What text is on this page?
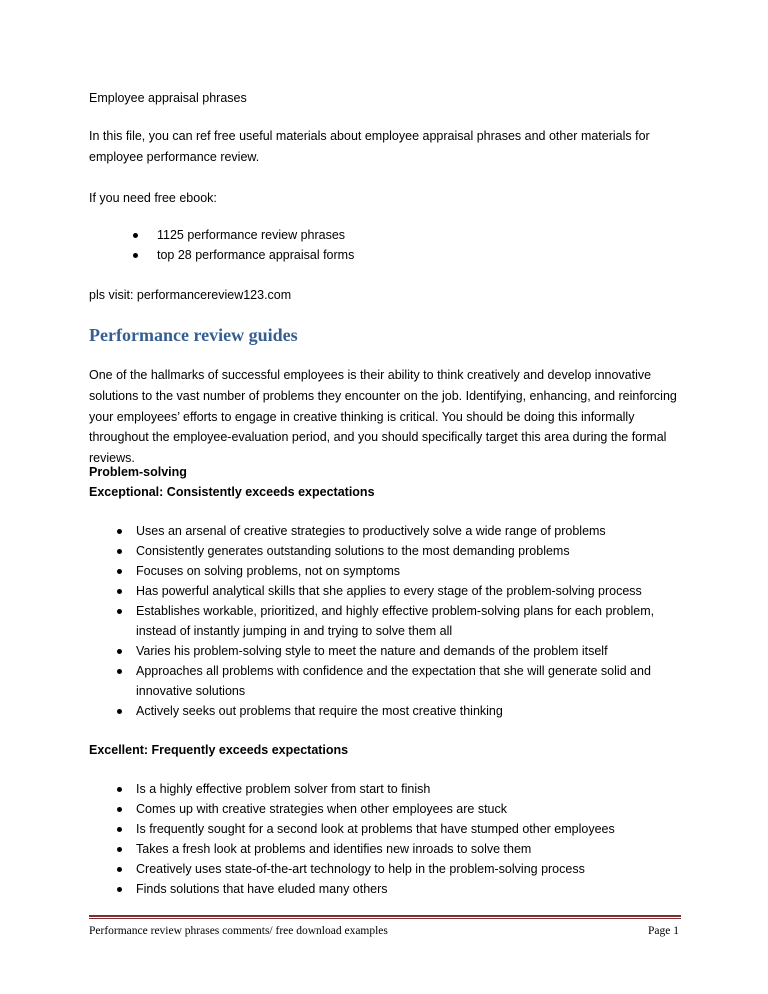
Employee appraisal phrases
In this file, you can ref free useful materials about employee appraisal phrases and other materials for employee performance review.
If you need free ebook:
1125 performance review phrases
top 28 performance appraisal forms
pls visit: performancereview123.com
Performance review guides
One of the hallmarks of successful employees is their ability to think creatively and develop innovative solutions to the vast number of problems they encounter on the job. Identifying, enhancing, and reinforcing your employees’ efforts to engage in creative thinking is critical. You should be doing this informally throughout the employee-evaluation period, and you should specifically target this area during the formal reviews.
Problem-solving
Exceptional: Consistently exceeds expectations
Uses an arsenal of creative strategies to productively solve a wide range of problems
Consistently generates outstanding solutions to the most demanding problems
Focuses on solving problems, not on symptoms
Has powerful analytical skills that she applies to every stage of the problem-solving process
Establishes workable, prioritized, and highly effective problem-solving plans for each problem, instead of instantly jumping in and trying to solve them all
Varies his problem-solving style to meet the nature and demands of the problem itself
Approaches all problems with confidence and the expectation that she will generate solid and innovative solutions
Actively seeks out problems that require the most creative thinking
Excellent: Frequently exceeds expectations
Is a highly effective problem solver from start to finish
Comes up with creative strategies when other employees are stuck
Is frequently sought for a second look at problems that have stumped other employees
Takes a fresh look at problems and identifies new inroads to solve them
Creatively uses state-of-the-art technology to help in the problem-solving process
Finds solutions that have eluded many others
Performance review phrases comments/ free download examples	Page 1
